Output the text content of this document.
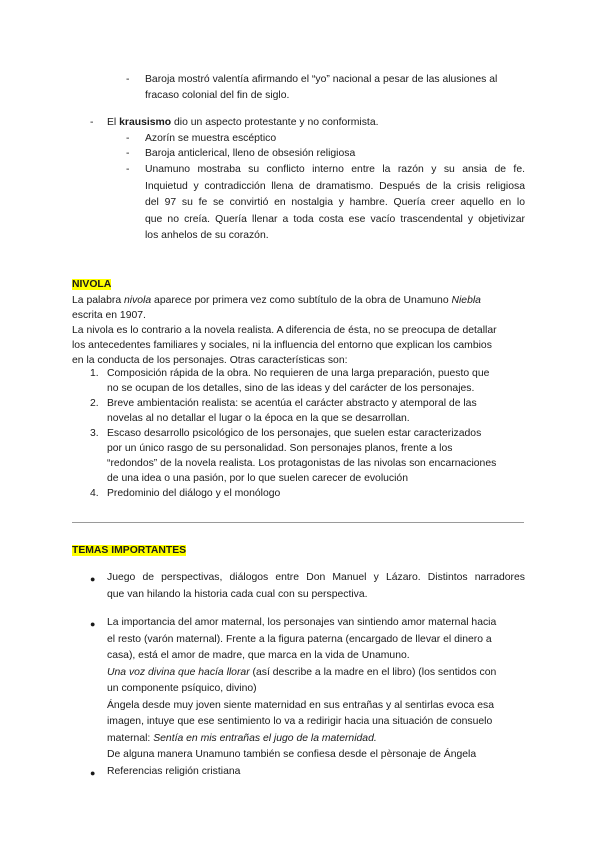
- Baroja mostró valentía afirmando el “yo” nacional a pesar de las alusiones al

fracaso colonial del fin de siglo.

- El krausismo dio un aspecto protestante y no conformista.

- Azorín se muestra escéptico

- Baroja anticlerical, lleno de obsesión religiosa

- Unamuno mostraba su conflicto interno entre la razón y su ansia de fe.

Inquietud y contradicción llena de dramatismo. Después de la crisis religiosa

del 97 su fe se convirtió en nostalgia y hambre. Quería creer aquello en lo

que no creía. Quería llenar a toda costa ese vacío trascendental y objetivizar

los anhelos de su corazón.

NIVOLA

La palabra nivola aparece por primera vez como subtítulo de la obra de Unamuno Niebla

escrita en 1907.

La nivola es lo contrario a la novela realista. A diferencia de ésta, no se preocupa de detallar

los antecedentes familiares y sociales, ni la influencia del entorno que explican los cambios

en la conducta de los personajes. Otras características son:

1. Composición rápida de la obra. No requieren de una larga preparación, puesto que

no se ocupan de los detalles, sino de las ideas y del carácter de los personajes.

2. Breve ambientación realista: se acentúa el carácter abstracto y atemporal de las

novelas al no detallar el lugar o la época en la que se desarrollan.

3. Escaso desarrollo psicológico de los personajes, que suelen estar caracterizados

por un único rasgo de su personalidad. Son personajes planos, frente a los

“redondos” de la novela realista. Los protagonistas de las nivolas son encarnaciones

de una idea o una pasión, por lo que suelen carecer de evolución

4. Predominio del diálogo y el monólogo

TEMAS IMPORTANTES

● Juego de perspectivas, diálogos entre Don Manuel y Lázaro. Distintos narradores

que van hilando la historia cada cual con su perspectiva.

● La importancia del amor maternal, los personajes van sintiendo amor maternal hacia

el resto (varón maternal). Frente a la figura paterna (encargado de llevar el dinero a

casa), está el amor de madre, que marca en la vida de Unamuno.

Una voz divina que hacía llorar (así describe a la madre en el libro) (los sentidos con

un componente psíquico, divino)

Ángela desde muy joven siente maternidad en sus entrañas y al sentirlas evoca esa

imagen, intuye que ese sentimiento lo va a redirigir hacia una situación de consuelo

maternal: Sentía en mis entrañas el jugo de la maternidad.

De alguna manera Unamuno también se confiesa desde el pèrsonaje de Ángela

● Referencias religión cristiana
